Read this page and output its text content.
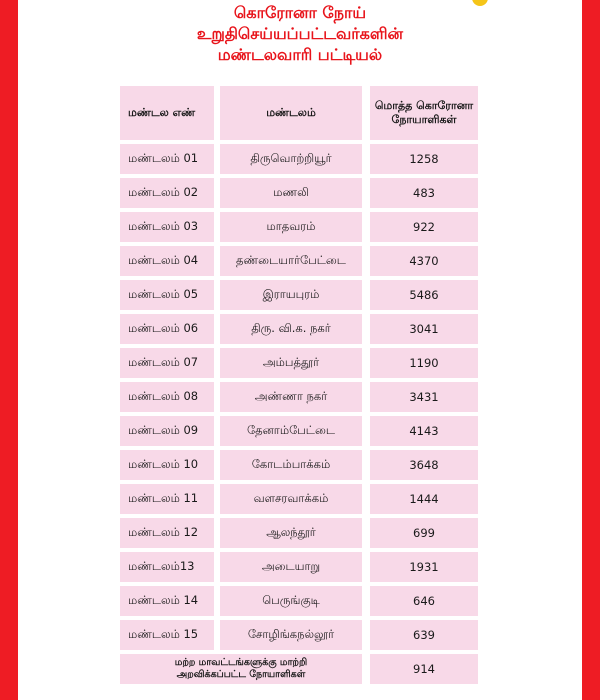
கொரோனா நோய்
உறுதிசெய்யப்பட்டவர்களின்
மண்டலவாரி பட்டியல்
மண்டல எண்	மண்டலம்	மொத்த கொரோனா நோயாளிகள்
மண்டலம் 01	திருவொற்றியூர்	1258
மண்டலம் 02	மணலி	483
மண்டலம் 03	மாதவரம்	922
மண்டலம் 04	தண்டையார்பேட்டை	4370
மண்டலம் 05	இராயபுரம்	5486
மண்டலம் 06	திரு. வி.க. நகர்	3041
மண்டலம் 07	அம்பத்தூர்	1190
மண்டலம் 08	அண்ணா நகர்	3431
மண்டலம் 09	தேனாம்பேட்டை	4143
மண்டலம் 10	கோடம்பாக்கம்	3648
மண்டலம் 11	வளசரவாக்கம்	1444
மண்டலம் 12	ஆலந்தூர்	699
மண்டலம்13	அடையாறு	1931
மண்டலம் 14	பெருங்குடி	646
மண்டலம் 15	சோழிங்கநல்லூர்	639
மற்ற மாவட்டங்களுக்கு மாற்றி
அறவிக்கப்பட்ட நோயாளிகள்	914
